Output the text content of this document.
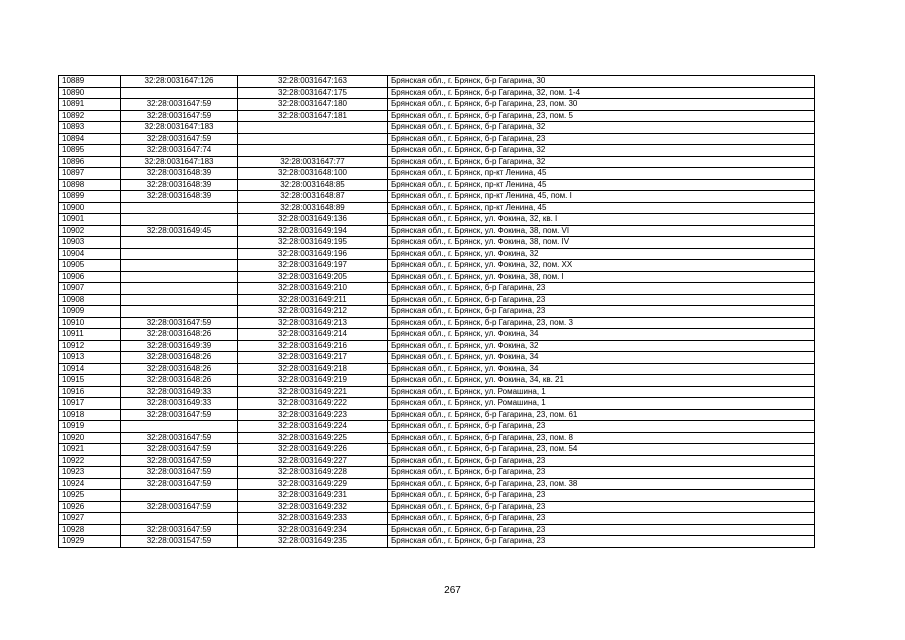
10889	32:28:0031647:126	32:28:0031647:163	Брянская обл., г. Брянск, б-р Гагарина, 30
10890		32:28:0031647:175	Брянская обл., г. Брянск, б-р Гагарина, 32, пом. 1-4
10891	32:28:0031647:59	32:28:0031647:180	Брянская обл., г. Брянск, б-р Гагарина, 23, пом. 30
10892	32:28:0031647:59	32:28:0031647:181	Брянская обл., г. Брянск, б-р Гагарина, 23, пом. 5
10893	32:28:0031647:183		Брянская обл., г. Брянск, б-р Гагарина, 32
10894	32:28:0031647:59		Брянская обл., г. Брянск, б-р Гагарина, 23
10895	32:28:0031647:74		Брянская обл., г. Брянск, б-р Гагарина, 32
10896	32:28:0031647:183	32:28:0031647:77	Брянская обл., г. Брянск, б-р Гагарина, 32
10897	32:28:0031648:39	32:28:0031648:100	Брянская обл., г. Брянск, пр-кт Ленина, 45
10898	32:28:0031648:39	32:28:0031648:85	Брянская обл., г. Брянск, пр-кт Ленина, 45
10899	32:28:0031648:39	32:28:0031648:87	Брянская обл., г. Брянск, пр-кт Ленина, 45, пом. I
10900		32:28:0031648:89	Брянская обл., г. Брянск, пр-кт Ленина, 45
10901		32:28:0031649:136	Брянская обл., г. Брянск, ул. Фокина, 32, кв. I
10902	32:28:0031649:45	32:28:0031649:194	Брянская обл., г. Брянск, ул. Фокина, 38, пом. VI
10903		32:28:0031649:195	Брянская обл., г. Брянск, ул. Фокина, 38, пом. IV
10904		32:28:0031649:196	Брянская обл., г. Брянск, ул. Фокина, 32
10905		32:28:0031649:197	Брянская обл., г. Брянск, ул. Фокина, 32, пом. XX
10906		32:28:0031649:205	Брянская обл., г. Брянск, ул. Фокина, 38, пом. I
10907		32:28:0031649:210	Брянская обл., г. Брянск, б-р Гагарина, 23
10908		32:28:0031649:211	Брянская обл., г. Брянск, б-р Гагарина, 23
10909		32:28:0031649:212	Брянская обл., г. Брянск, б-р Гагарина, 23
10910	32:28:0031647:59	32:28:0031649:213	Брянская обл., г. Брянск, б-р Гагарина, 23, пом. 3
10911	32:28:0031648:26	32:28:0031649:214	Брянская обл., г. Брянск, ул. Фокина, 34
10912	32:28:0031649:39	32:28:0031649:216	Брянская обл., г. Брянск, ул. Фокина, 32
10913	32:28:0031648:26	32:28:0031649:217	Брянская обл., г. Брянск, ул. Фокина, 34
10914	32:28:0031648:26	32:28:0031649:218	Брянская обл., г. Брянск, ул. Фокина, 34
10915	32:28:0031648:26	32:28:0031649:219	Брянская обл., г. Брянск, ул. Фокина, 34, кв. 21
10916	32:28:0031649:33	32:28:0031649:221	Брянская обл., г. Брянск, ул. Ромашина, 1
10917	32:28:0031649:33	32:28:0031649:222	Брянская обл., г. Брянск, ул. Ромашина, 1
10918	32:28:0031647:59	32:28:0031649:223	Брянская обл., г. Брянск, б-р Гагарина, 23, пом. 61
10919		32:28:0031649:224	Брянская обл., г. Брянск, б-р Гагарина, 23
10920	32:28:0031647:59	32:28:0031649:225	Брянская обл., г. Брянск, б-р Гагарина, 23, пом. 8
10921	32:28:0031647:59	32:28:0031649:226	Брянская обл., г. Брянск, б-р Гагарина, 23, пом. 54
10922	32:28:0031647:59	32:28:0031649:227	Брянская обл., г. Брянск, б-р Гагарина, 23
10923	32:28:0031647:59	32:28:0031649:228	Брянская обл., г. Брянск, б-р Гагарина, 23
10924	32:28:0031647:59	32:28:0031649:229	Брянская обл., г. Брянск, б-р Гагарина, 23, пом. 38
10925		32:28:0031649:231	Брянская обл., г. Брянск, б-р Гагарина, 23
10926	32:28:0031647:59	32:28:0031649:232	Брянская обл., г. Брянск, б-р Гагарина, 23
10927		32:28:0031649:233	Брянская обл., г. Брянск, б-р Гагарина, 23
10928	32:28:0031647:59	32:28:0031649:234	Брянская обл., г. Брянск, б-р Гагарина, 23
10929	32:28:0031547:59	32:28:0031649:235	Брянская обл., г. Брянск, б-р Гагарина, 23
267
